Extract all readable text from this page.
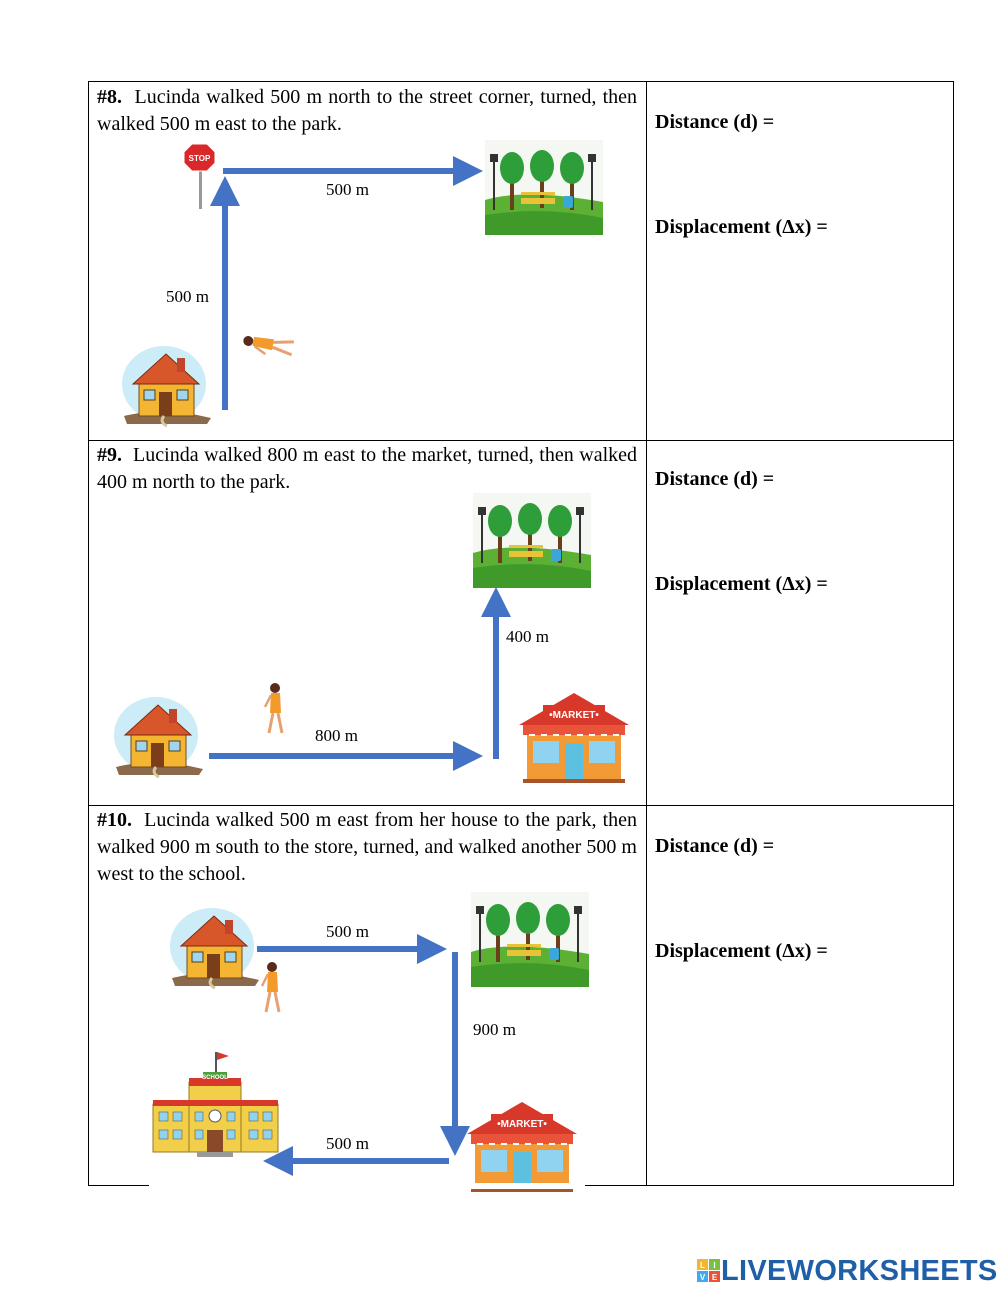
#8. Lucinda walked 500 m north to the street corner, turned, then walked 500 m east to the park.
STOP
500 m
500 m
Distance (d) =
Displacement (Δx) =
#9. Lucinda walked 800 m east to the market, turned, then walked 400 m north to the park.
•MARKET•
400 m
800 m
Distance (d) =
Displacement (Δx) =
#10. Lucinda walked 500 m east from her house to the park, then walked 900 m south to the store, turned, and walked another 500 m west to the school.
SCHOOL
•MARKET•
500 m
900 m
500 m
Distance (d) =
Displacement (Δx) =
L I
V E LIVEWORKSHEETS
